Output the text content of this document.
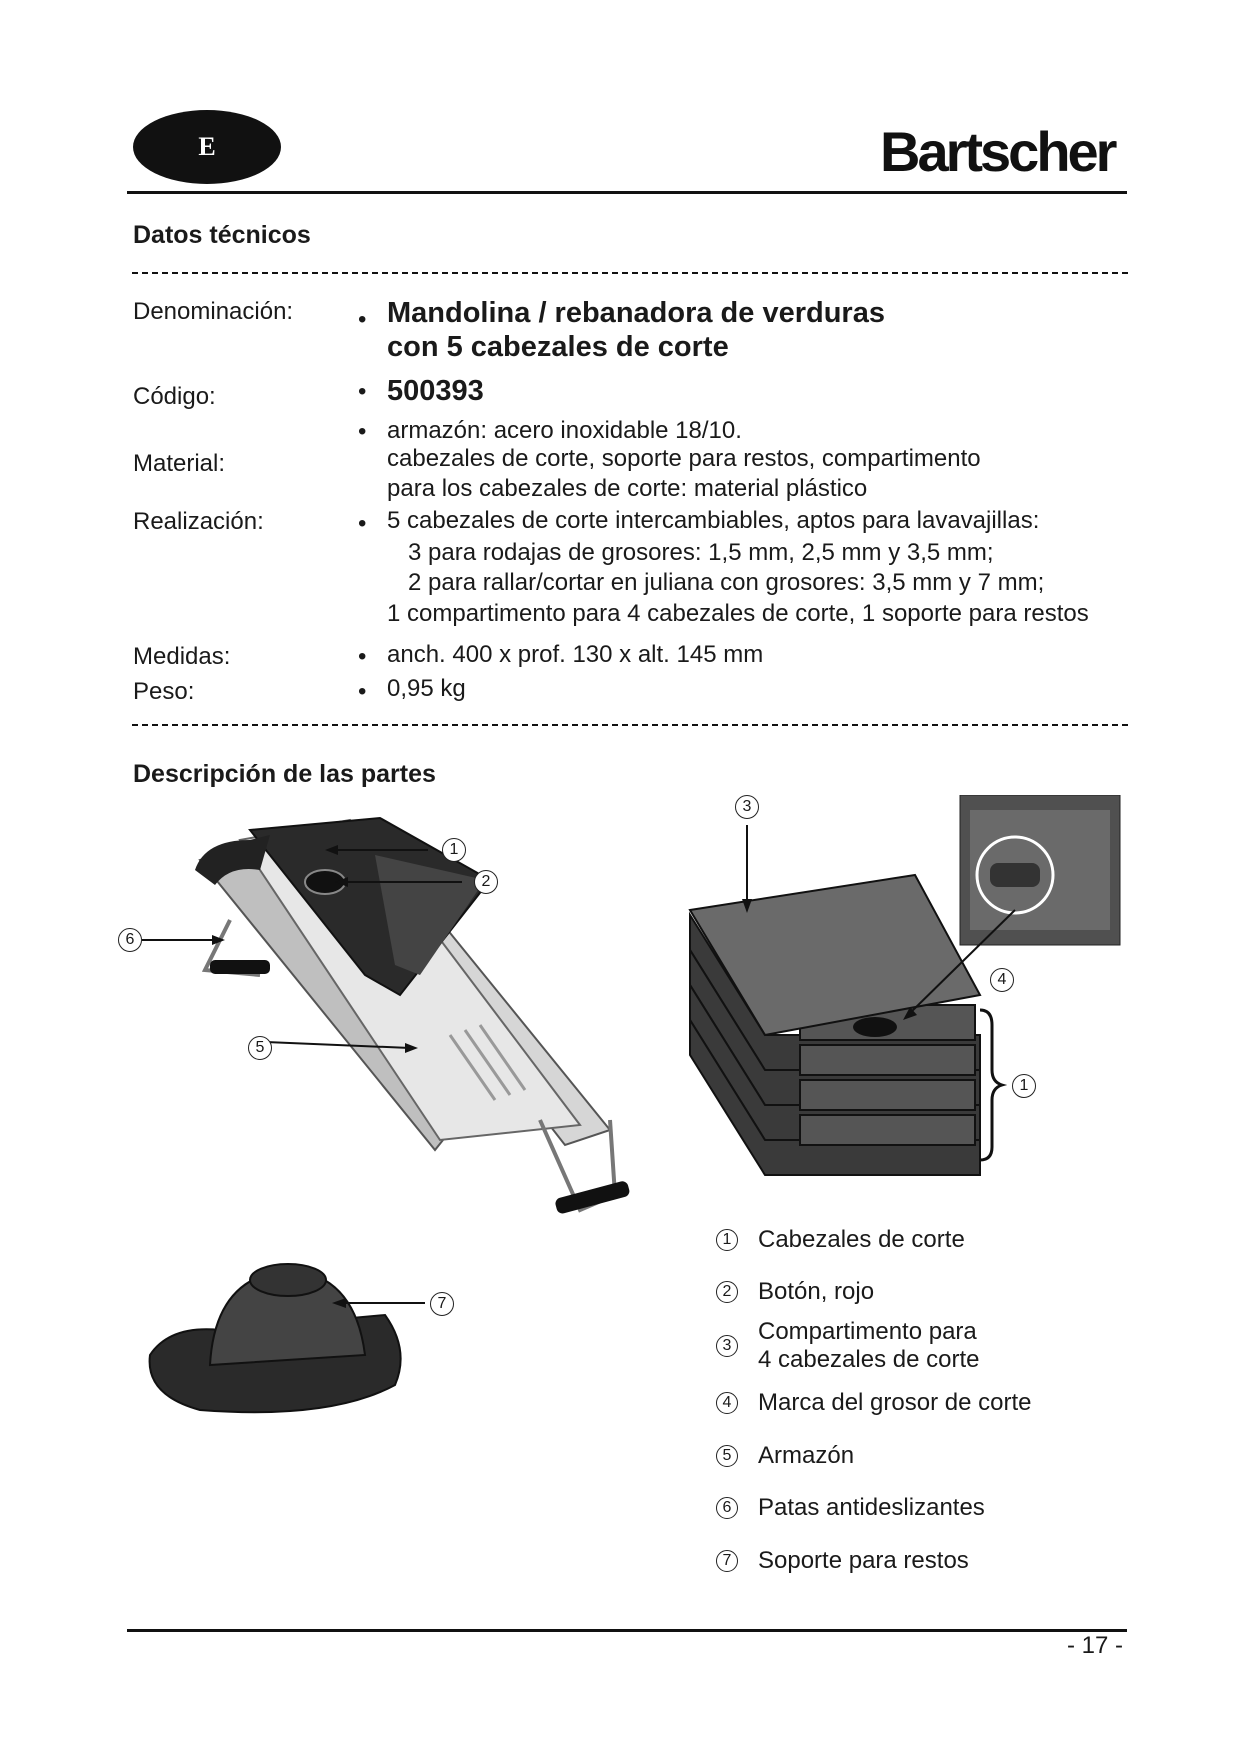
E	Bartscher
Datos técnicos
Denominación:	• Mandolina / rebanadora de verduras
con 5 cabezales de corte
Código:	• 500393
Material:
• armazón: acero inoxidable 18/10.
cabezales de corte, soporte para restos, compartimento
para los cabezales de corte: material plástico
Realización:	• 5 cabezales de corte intercambiables, aptos para lavavajillas:
3 para rodajas de grosores: 1,5 mm, 2,5 mm y 3,5 mm;
2 para rallar/cortar en juliana con grosores: 3,5 mm y 7 mm;
1 compartimento para 4 cabezales de corte, 1 soporte para restos
Medidas:	• anch. 400 x prof. 130 x alt. 145 mm
Peso:	• 0,95 kg
Descripción de las partes
1
2
6
5
3
4
1
7
1 Cabezales de corte
2 Botón, rojo
3
Compartimento para
4 cabezales de corte
4 Marca del grosor de corte
5 Armazón
6 Patas antideslizantes
7 Soporte para restos
- 17 -
